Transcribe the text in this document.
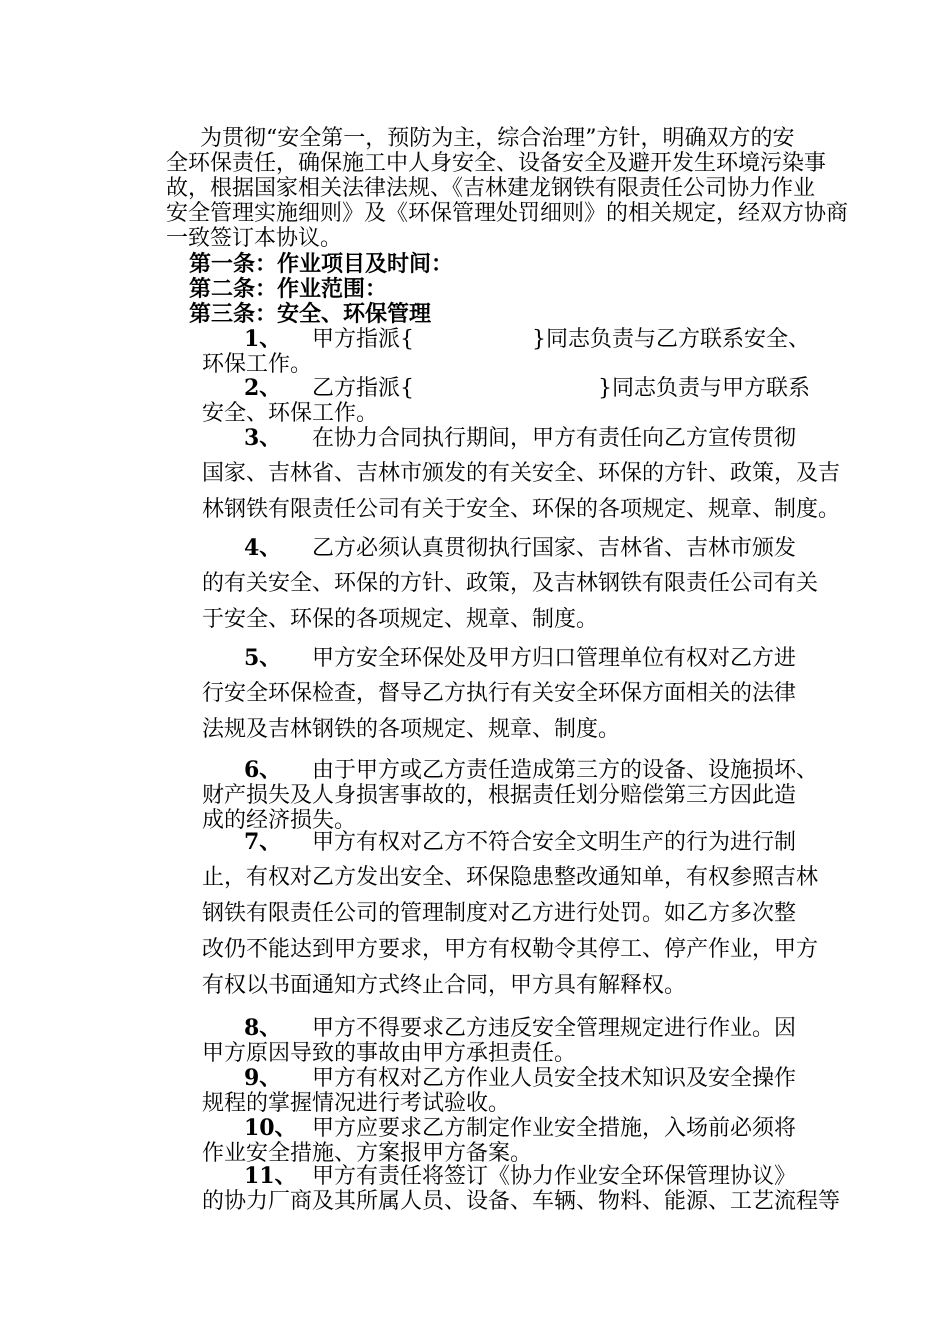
为贯彻“安全第一，预防为主，综合治理”方针，明确双方的安
全环保责任，确保施工中人身安全、设备安全及避开发生环境污染事
故，根据国家相关法律法规、《吉林建龙钢铁有限责任公司协力作业
安全管理实施细则》及《环保管理处罚细则》的相关规定，经双方协商
一致签订本协议。
第一条：作业项目及时间：
第二条：作业范围：
第三条：安全、环保管理
1、 甲方指派{	}同志负责与乙方联系安全、
环保工作。
2、 乙方指派{	}同志负责与甲方联系
安全、环保工作。
3、 在协力合同执行期间，甲方有责任向乙方宣传贯彻
国家、吉林省、吉林市颁发的有关安全、环保的方针、政策，及吉
林钢铁有限责任公司有关于安全、环保的各项规定、规章、制度。
4、 乙方必须认真贯彻执行国家、吉林省、吉林市颁发
的有关安全、环保的方针、政策，及吉林钢铁有限责任公司有关
于安全、环保的各项规定、规章、制度。
5、 甲方安全环保处及甲方归口管理单位有权对乙方进
行安全环保检查，督导乙方执行有关安全环保方面相关的法律
法规及吉林钢铁的各项规定、规章、制度。
6、 由于甲方或乙方责任造成第三方的设备、设施损坏、
财产损失及人身损害事故的，根据责任划分赔偿第三方因此造
成的经济损失。
7、 甲方有权对乙方不符合安全文明生产的行为进行制
止，有权对乙方发出安全、环保隐患整改通知单，有权参照吉林
钢铁有限责任公司的管理制度对乙方进行处罚。如乙方多次整
改仍不能达到甲方要求，甲方有权勒令其停工、停产作业，甲方
有权以书面通知方式终止合同，甲方具有解释权。
8、 甲方不得要求乙方违反安全管理规定进行作业。因
甲方原因导致的事故由甲方承担责任。
9、 甲方有权对乙方作业人员安全技术知识及安全操作
规程的掌握情况进行考试验收。
10、 甲方应要求乙方制定作业安全措施，入场前必须将
作业安全措施、方案报甲方备案。
11、 甲方有责任将签订《协力作业安全环保管理协议》
的协力厂商及其所属人员、设备、车辆、物料、能源、工艺流程等
